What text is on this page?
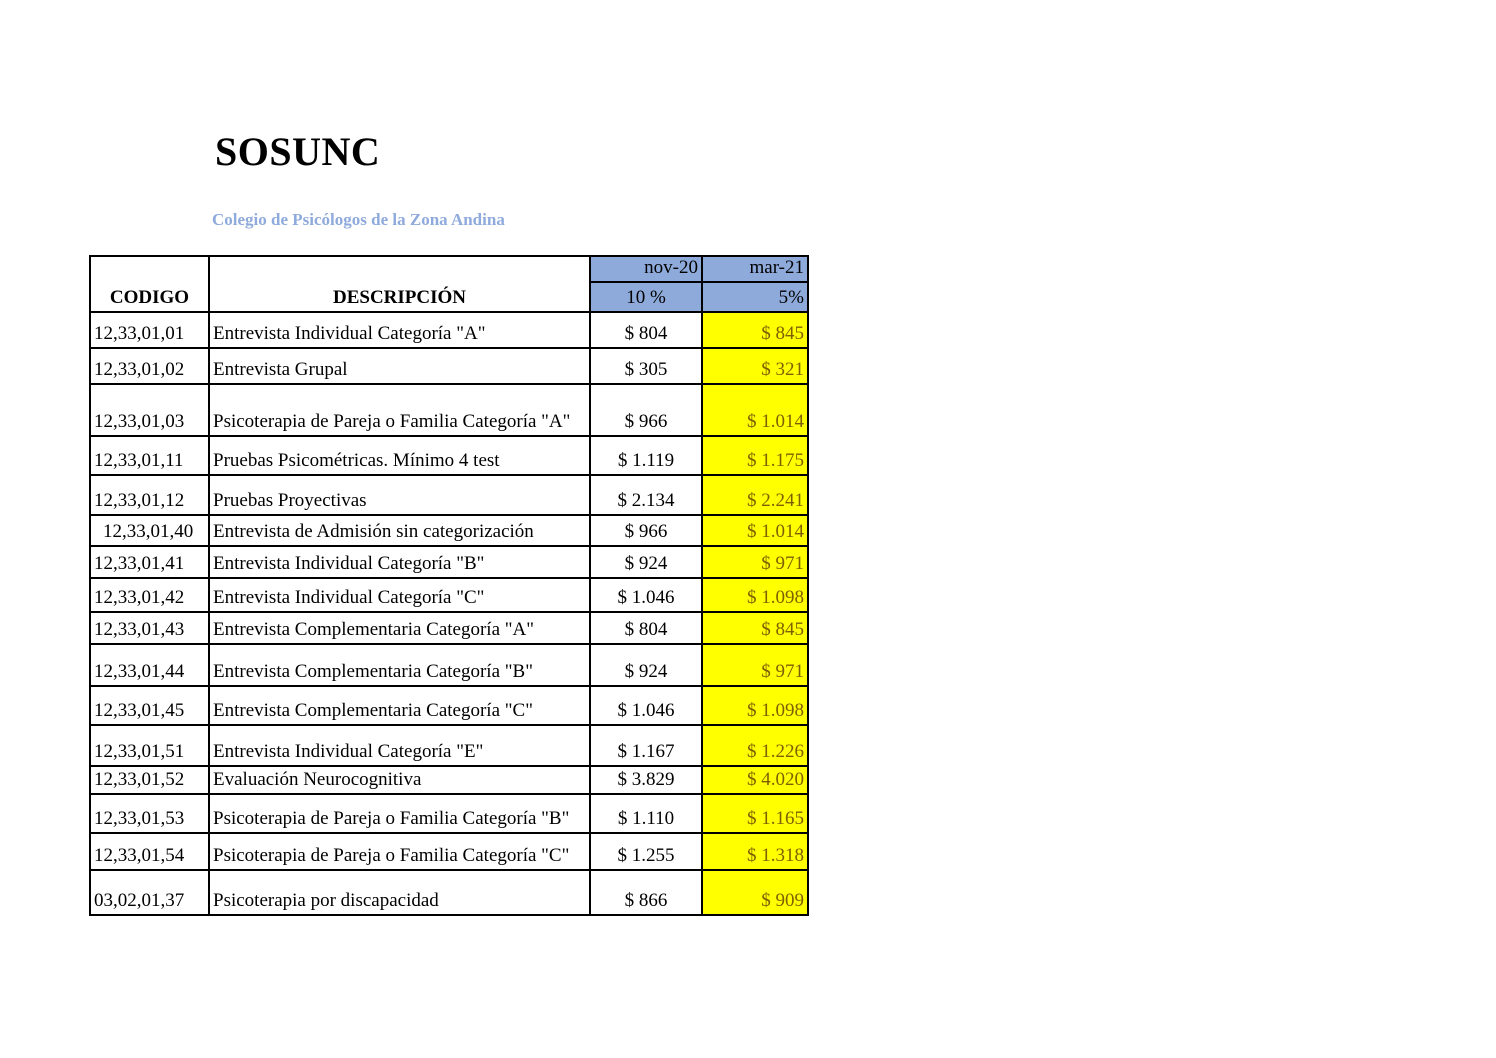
SOSUNC
Colegio de Psicólogos de la Zona Andina
CODIGO	DESCRIPCIÓN	nov-20	mar-21
		10 %	5%
12,33,01,01	Entrevista Individual Categoría "A"	$ 804	$ 845
12,33,01,02	Entrevista Grupal	$ 305	$ 321
12,33,01,03	Psicoterapia de Pareja o Familia Categoría "A"	$ 966	$ 1.014
12,33,01,11	Pruebas Psicométricas. Mínimo 4 test	$ 1.119	$ 1.175
12,33,01,12	Pruebas Proyectivas	$ 2.134	$ 2.241
12,33,01,40	Entrevista de Admisión sin categorización	$ 966	$ 1.014
12,33,01,41	Entrevista Individual Categoría "B"	$ 924	$ 971
12,33,01,42	Entrevista Individual Categoría "C"	$ 1.046	$ 1.098
12,33,01,43	Entrevista Complementaria Categoría "A"	$ 804	$ 845
12,33,01,44	Entrevista Complementaria Categoría "B"	$ 924	$ 971
12,33,01,45	Entrevista Complementaria Categoría "C"	$ 1.046	$ 1.098
12,33,01,51	Entrevista Individual Categoría "E"	$ 1.167	$ 1.226
12,33,01,52	Evaluación Neurocognitiva	$ 3.829	$ 4.020
12,33,01,53	Psicoterapia de Pareja o Familia Categoría "B"	$ 1.110	$ 1.165
12,33,01,54	Psicoterapia de Pareja o Familia Categoría "C"	$ 1.255	$ 1.318
03,02,01,37	Psicoterapia por discapacidad	$ 866	$ 909
